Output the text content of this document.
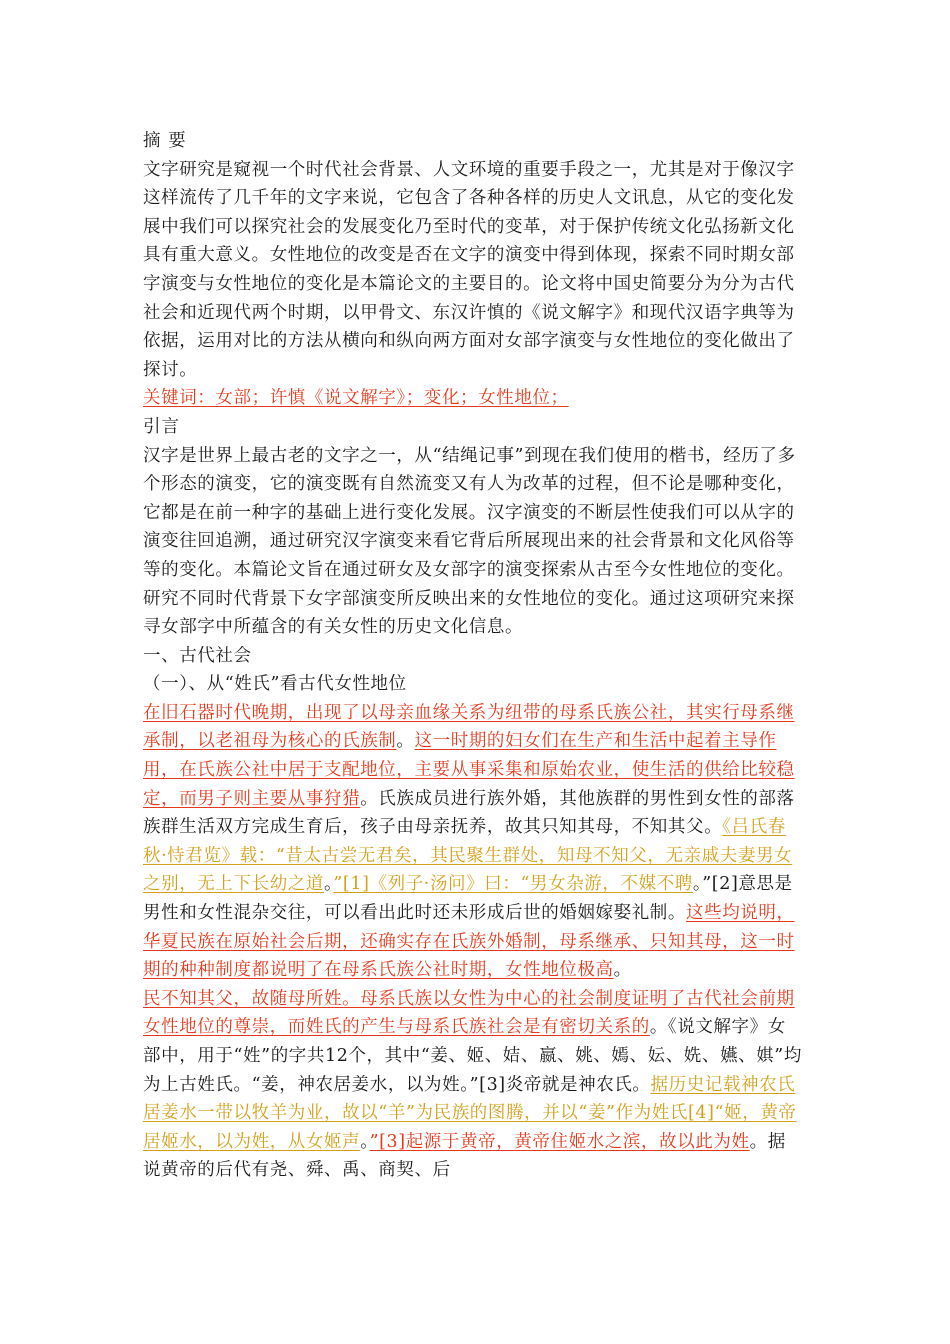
摘 要

文字研究是窥视一个时代社会背景、人文环境的重要手段之一，尤其是对于像汉字这样流传了几千年的文字来说，它包含了各种各样的历史人文讯息，从它的变化发展中我们可以探究社会的发展变化乃至时代的变革，对于保护传统文化弘扬新文化具有重大意义。女性地位的改变是否在文字的演变中得到体现，探索不同时期女部字演变与女性地位的变化是本篇论文的主要目的。论文将中国史简要分为分为古代社会和近现代两个时期，以甲骨文、东汉许慎的《说文解字》和现代汉语字典等为依据，运用对比的方法从横向和纵向两方面对女部字演变与女性地位的变化做出了探讨。

关键词：女部；许慎《说文解字》；变化；女性地位；

引言

汉字是世界上最古老的文字之一，从“结绳记事”到现在我们使用的楷书，经历了多个形态的演变，它的演变既有自然流变又有人为改革的过程，但不论是哪种变化，它都是在前一种字的基础上进行变化发展。汉字演变的不断层性使我们可以从字的演变往回追溯，通过研究汉字演变来看它背后所展现出来的社会背景和文化风俗等等的变化。本篇论文旨在通过研女及女部字的演变探索从古至今女性地位的变化。研究不同时代背景下女字部演变所反映出来的女性地位的变化。通过这项研究来探寻女部字中所蕴含的有关女性的历史文化信息。

一、古代社会

（一）、从“姓氏”看古代女性地位

在旧石器时代晚期，出现了以母亲血缘关系为纽带的母系氏族公社，其实行母系继承制，以老祖母为核心的氏族制。这一时期的妇女们在生产和生活中起着主导作用，在氏族公社中居于支配地位，主要从事采集和原始农业，使生活的供给比较稳定，而男子则主要从事狩猎。氏族成员进行族外婚，其他族群的男性到女性的部落族群生活双方完成生育后，孩子由母亲抚养，故其只知其母，不知其父。《吕氏春秋·恃君览》载：“昔太古尝无君矣，其民聚生群处，知母不知父，无亲戚夫妻男女之别，无上下长幼之道。”[1]《列子·汤问》曰：“男女杂游，不媒不聘。”[2]意思是男性和女性混杂交往，可以看出此时还未形成后世的婚姻嫁娶礼制。这些均说明，华夏民族在原始社会后期，还确实存在氏族外婚制，母系继承、只知其母，这一时期的种种制度都说明了在母系氏族公社时期，女性地位极高。

民不知其父，故随母所姓。母系氏族以女性为中心的社会制度证明了古代社会前期女性地位的尊崇，而姓氏的产生与母系氏族社会是有密切关系的。《说文解字》女部中，用于“姓”的字共12个，其中“姜、姬、姞、嬴、姚、嫣、妘、姺、嬿、娸”均为上古姓氏。“姜，神农居姜水，以为姓。”[3]炎帝就是神农氏。据历史记载神农氏居姜水一带以牧羊为业，故以“羊”为民族的图腾，并以“姜”作为姓氏[4]“姬，黄帝居姬水，以为姓，从女姬声。”[3]起源于黄帝，黄帝住姬水之滨，故以此为姓。据说黄帝的后代有尧、舜、禹、商契、后
